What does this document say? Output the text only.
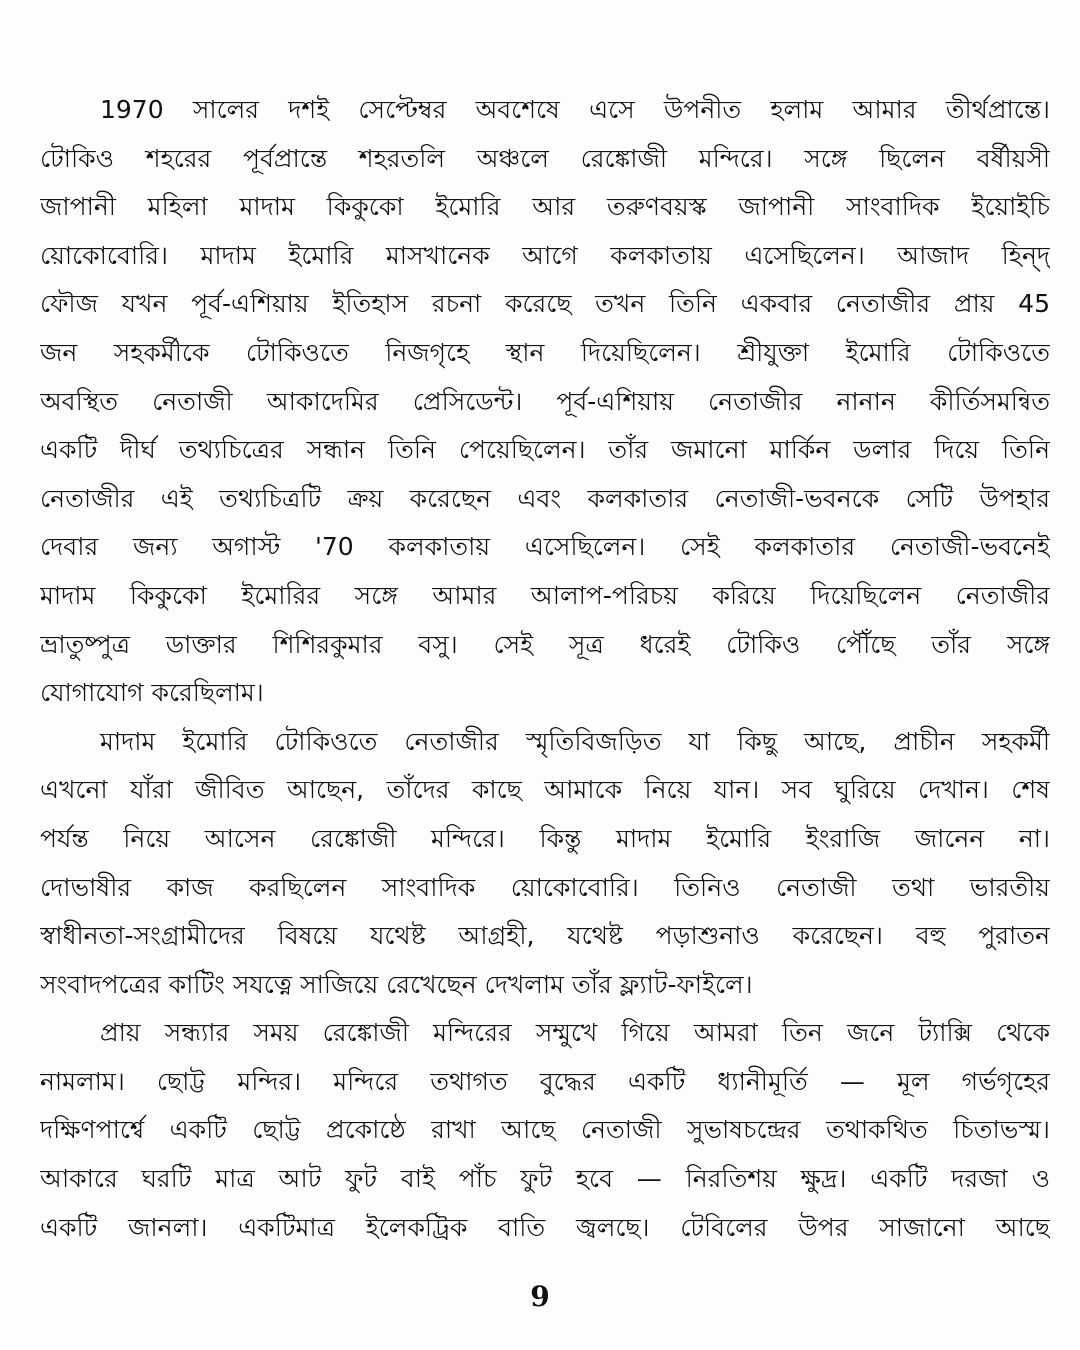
1970 সালের দশই সেপ্টেম্বর অবশেষে এসে উপনীত হলাম আমার তীর্থপ্রান্তে।
টোকিও শহরের পূর্বপ্রান্তে শহরতলি অঞ্চলে রেঙ্কোজী মন্দিরে। সঙ্গে ছিলেন বর্ষীয়সী
জাপানী মহিলা মাদাম কিকুকো ইমোরি আর তরুণবয়স্ক জাপানী সাংবাদিক ইয়োইচি
য়োকোবোরি। মাদাম ইমোরি মাসখানেক আগে কলকাতায় এসেছিলেন। আজাদ হিন্দ্
ফৌজ যখন পূর্ব-এশিয়ায় ইতিহাস রচনা করেছে তখন তিনি একবার নেতাজীর প্রায় 45
জন সহকর্মীকে টোকিওতে নিজগৃহে স্থান দিয়েছিলেন। শ্রীযুক্তা ইমোরি টোকিওতে
অবস্থিত নেতাজী আকাদেমির প্রেসিডেন্ট। পূর্ব-এশিয়ায় নেতাজীর নানান কীর্তিসমন্বিত
একটি দীর্ঘ তথ্যচিত্রের সন্ধান তিনি পেয়েছিলেন। তাঁর জমানো মার্কিন ডলার দিয়ে তিনি
নেতাজীর এই তথ্যচিত্রটি ক্রয় করেছেন এবং কলকাতার নেতাজী-ভবনকে সেটি উপহার
দেবার জন্য অগাস্ট '70 কলকাতায় এসেছিলেন। সেই কলকাতার নেতাজী-ভবনেই
মাদাম কিকুকো ইমোরির সঙ্গে আমার আলাপ-পরিচয় করিয়ে দিয়েছিলেন নেতাজীর
ভ্রাতুষ্পুত্র ডাক্তার শিশিরকুমার বসু। সেই সূত্র ধরেই টোকিও পৌঁছে তাঁর সঙ্গে
যোগাযোগ করেছিলাম।
মাদাম ইমোরি টোকিওতে নেতাজীর স্মৃতিবিজড়িত যা কিছু আছে, প্রাচীন সহকর্মী
এখনো যাঁরা জীবিত আছেন, তাঁদের কাছে আমাকে নিয়ে যান। সব ঘুরিয়ে দেখান। শেষ
পর্যন্ত নিয়ে আসেন রেঙ্কোজী মন্দিরে। কিন্তু মাদাম ইমোরি ইংরাজি জানেন না।
দোভাষীর কাজ করছিলেন সাংবাদিক য়োকোবোরি। তিনিও নেতাজী তথা ভারতীয়
স্বাধীনতা-সংগ্রামীদের বিষয়ে যথেষ্ট আগ্রহী, যথেষ্ট পড়াশুনাও করেছেন। বহু পুরাতন
সংবাদপত্রের কাটিং সযত্নে সাজিয়ে রেখেছেন দেখলাম তাঁর ফ্ল্যাট-ফাইলে।
প্রায় সন্ধ্যার সময় রেঙ্কোজী মন্দিরের সম্মুখে গিয়ে আমরা তিন জনে ট্যাক্সি থেকে
নামলাম। ছোট্ট মন্দির। মন্দিরে তথাগত বুদ্ধের একটি ধ্যানীমূর্তি — মূল গর্ভগৃহের
দক্ষিণপার্শ্বে একটি ছোট্ট প্রকোষ্ঠে রাখা আছে নেতাজী সুভাষচন্দ্রের তথাকথিত চিতাভস্ম।
আকারে ঘরটি মাত্র আট ফুট বাই পাঁচ ফুট হবে — নিরতিশয় ক্ষুদ্র। একটি দরজা ও
একটি জানলা। একটিমাত্র ইলেকট্রিক বাতি জ্বলছে। টেবিলের উপর সাজানো আছে
9
